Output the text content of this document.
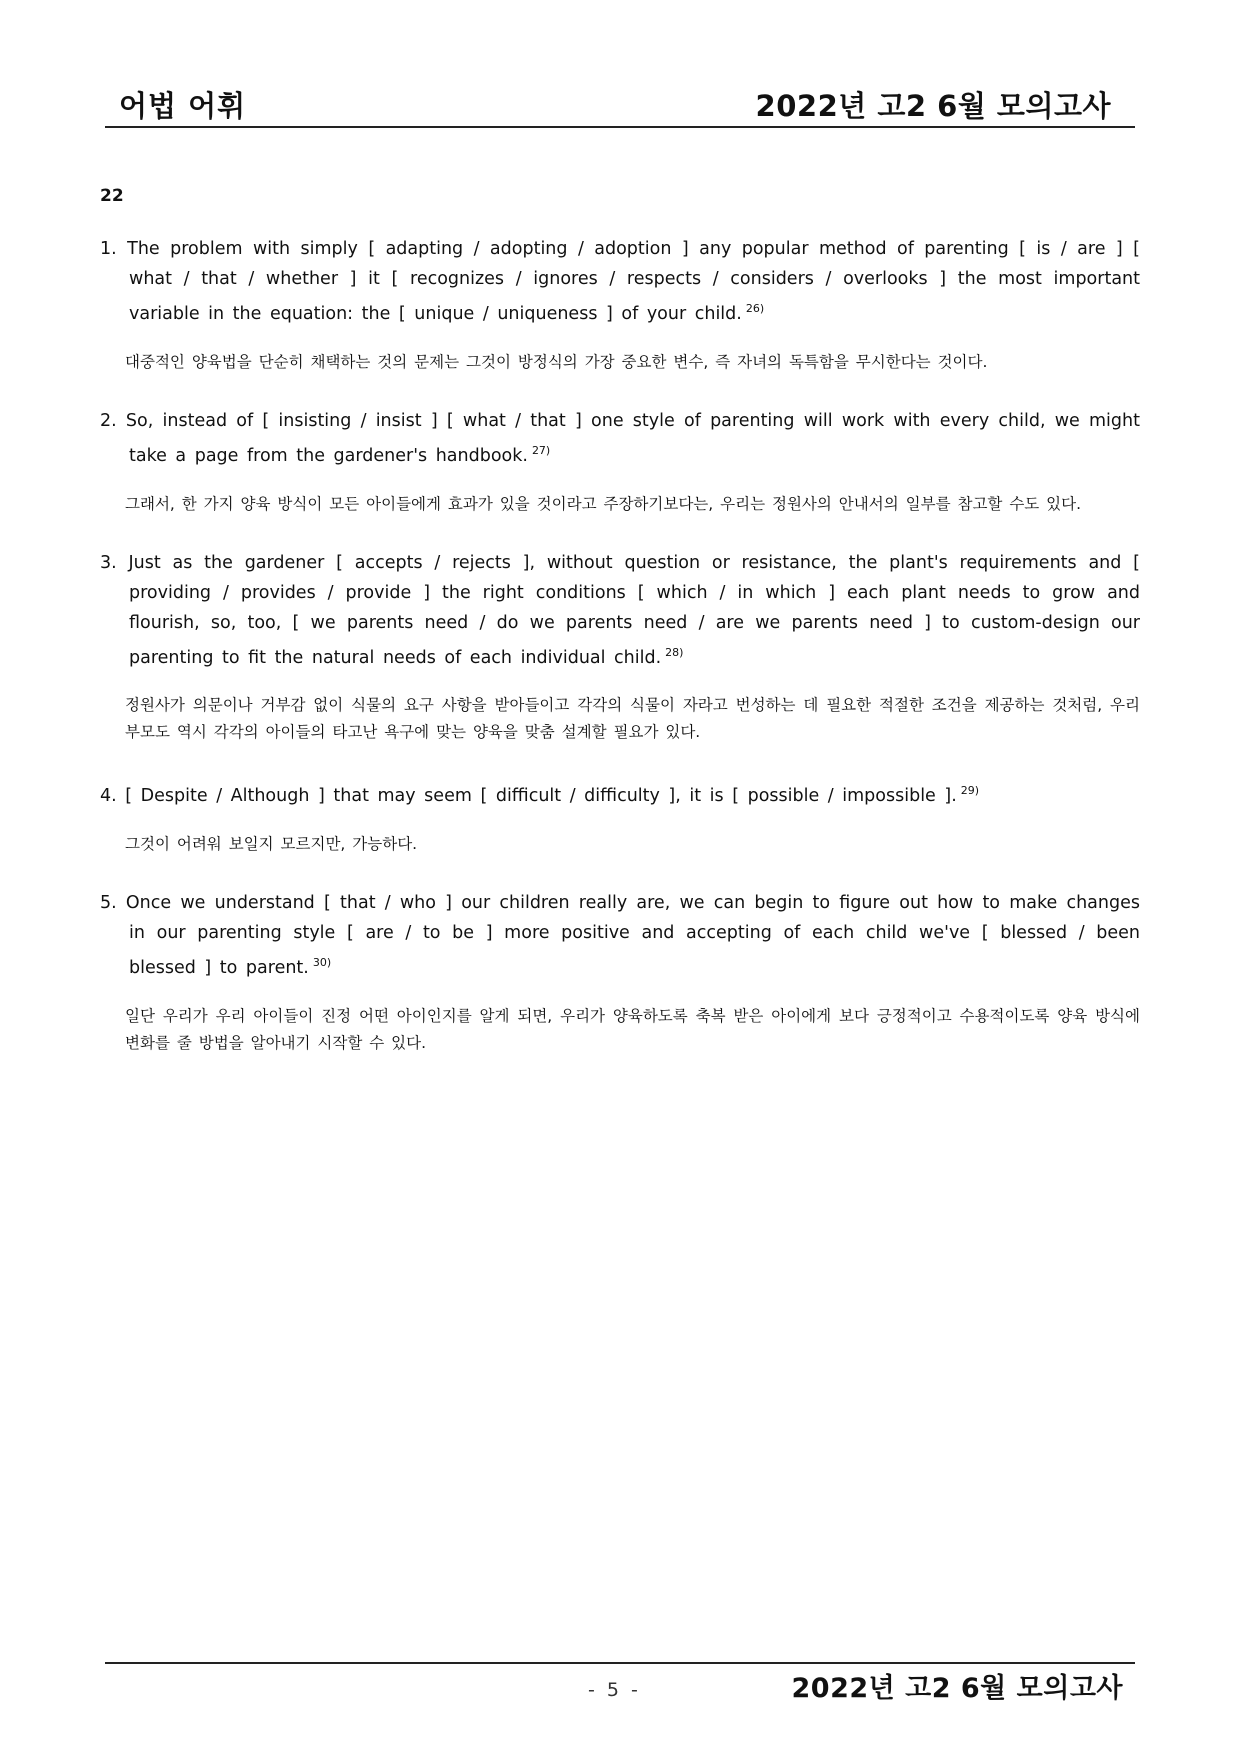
어법 어휘	2022년 고2 6월 모의고사
22
1. The problem with simply [ adapting / adopting / adoption ] any popular method of parenting [ is / are ] [ what / that / whether ] it [ recognizes / ignores / respects / considers / overlooks ] the most important variable in the equation: the [ unique / uniqueness ] of your child. $^{26)}$
대중적인 양육법을 단순히 채택하는 것의 문제는 그것이 방정식의 가장 중요한 변수, 즉 자녀의 독특함을 무시한다는 것이다.
2. So, instead of [ insisting / insist ] [ what / that ] one style of parenting will work with every child, we might take a page from the gardener's handbook. $^{27)}$
그래서, 한 가지 양육 방식이 모든 아이들에게 효과가 있을 것이라고 주장하기보다는, 우리는 정원사의 안내서의 일부를 참고할 수도 있다.
3. Just as the gardener [ accepts / rejects ], without question or resistance, the plant's requirements and [ providing / provides / provide ] the right conditions [ which / in which ] each plant needs to grow and flourish, so, too, [ we parents need / do we parents need / are we parents need ] to custom-design our parenting to fit the natural needs of each individual child. $^{28)}$
정원사가 의문이나 거부감 없이 식물의 요구 사항을 받아들이고 각각의 식물이 자라고 번성하는 데 필요한 적절한 조건을 제공하는 것처럼, 우리 부모도 역시 각각의 아이들의 타고난 욕구에 맞는 양육을 맞춤 설계할 필요가 있다.
4. [ Despite / Although ] that may seem [ difficult / difficulty ], it is [ possible / impossible ]. $^{29)}$
그것이 어려워 보일지 모르지만, 가능하다.
5. Once we understand [ that / who ] our children really are, we can begin to figure out how to make changes in our parenting style [ are / to be ] more positive and accepting of each child we've [ blessed / been blessed ] to parent. $^{30)}$
일단 우리가 우리 아이들이 진정 어떤 아이인지를 알게 되면, 우리가 양육하도록 축복 받은 아이에게 보다 긍정적이고 수용적이도록 양육 방식에 변화를 줄 방법을 알아내기 시작할 수 있다.
- 5 -	2022년 고2 6월 모의고사
